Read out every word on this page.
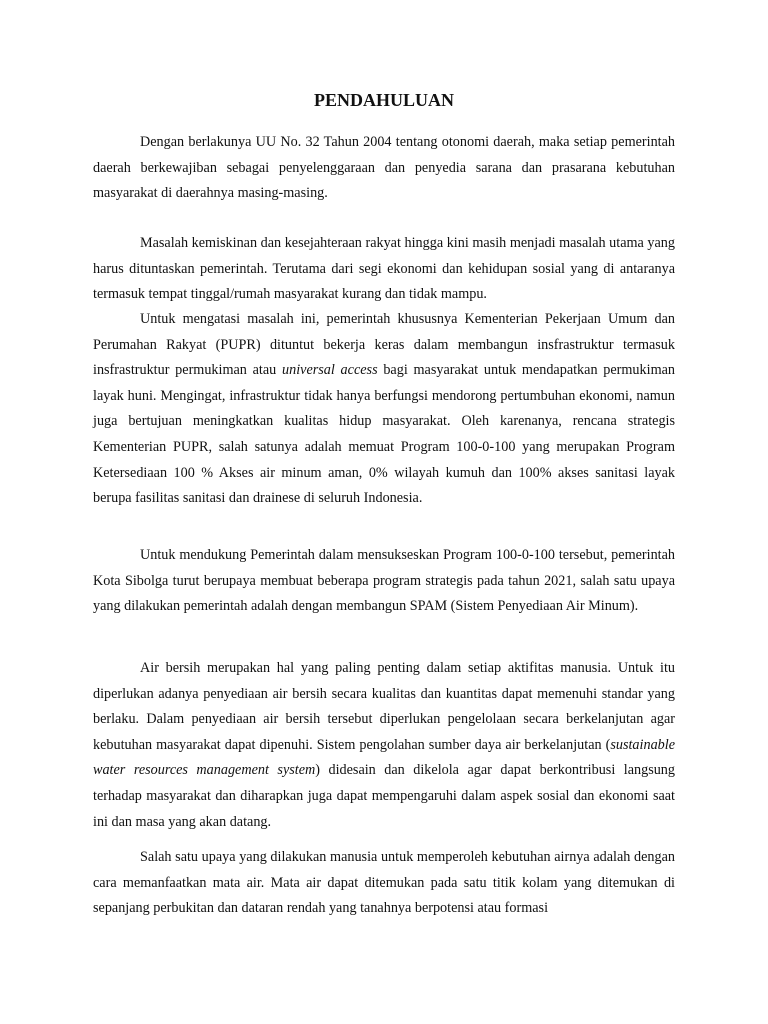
PENDAHULUAN

Dengan berlakunya UU No. 32 Tahun 2004 tentang otonomi daerah, maka setiap pemerintah daerah berkewajiban sebagai penyelenggaraan dan penyedia sarana dan prasarana kebutuhan masyarakat di daerahnya masing-masing.

Masalah kemiskinan dan kesejahteraan rakyat hingga kini masih menjadi masalah utama yang harus dituntaskan pemerintah. Terutama dari segi ekonomi dan kehidupan sosial yang di antaranya termasuk tempat tinggal/rumah masyarakat kurang dan tidak mampu.

Untuk mengatasi masalah ini, pemerintah khususnya Kementerian Pekerjaan Umum dan Perumahan Rakyat (PUPR) dituntut bekerja keras dalam membangun insfrastruktur termasuk insfrastruktur permukiman atau universal access bagi masyarakat untuk mendapatkan permukiman layak huni. Mengingat, infrastruktur tidak hanya berfungsi mendorong pertumbuhan ekonomi, namun juga bertujuan meningkatkan kualitas hidup masyarakat. Oleh karenanya, rencana strategis Kementerian PUPR, salah satunya adalah memuat Program 100-0-100 yang merupakan Program Ketersediaan 100 % Akses air minum aman, 0% wilayah kumuh dan 100% akses sanitasi layak berupa fasilitas sanitasi dan drainese di seluruh Indonesia.

Untuk mendukung Pemerintah dalam mensukseskan Program 100-0-100 tersebut, pemerintah Kota Sibolga turut berupaya membuat beberapa program strategis pada tahun 2021, salah satu upaya yang dilakukan pemerintah adalah dengan membangun SPAM (Sistem Penyediaan Air Minum).

Air bersih merupakan hal yang paling penting dalam setiap aktifitas manusia. Untuk itu diperlukan adanya penyediaan air bersih secara kualitas dan kuantitas dapat memenuhi standar yang berlaku. Dalam penyediaan air bersih tersebut diperlukan pengelolaan secara berkelanjutan agar kebutuhan masyarakat dapat dipenuhi. Sistem pengolahan sumber daya air berkelanjutan (sustainable water resources management system) didesain dan dikelola agar dapat berkontribusi langsung terhadap masyarakat dan diharapkan juga dapat mempengaruhi dalam aspek sosial dan ekonomi saat ini dan masa yang akan datang.

Salah satu upaya yang dilakukan manusia untuk memperoleh kebutuhan airnya adalah dengan cara memanfaatkan mata air. Mata air dapat ditemukan pada satu titik kolam yang ditemukan di sepanjang perbukitan dan dataran rendah yang tanahnya berpotensi atau formasi
